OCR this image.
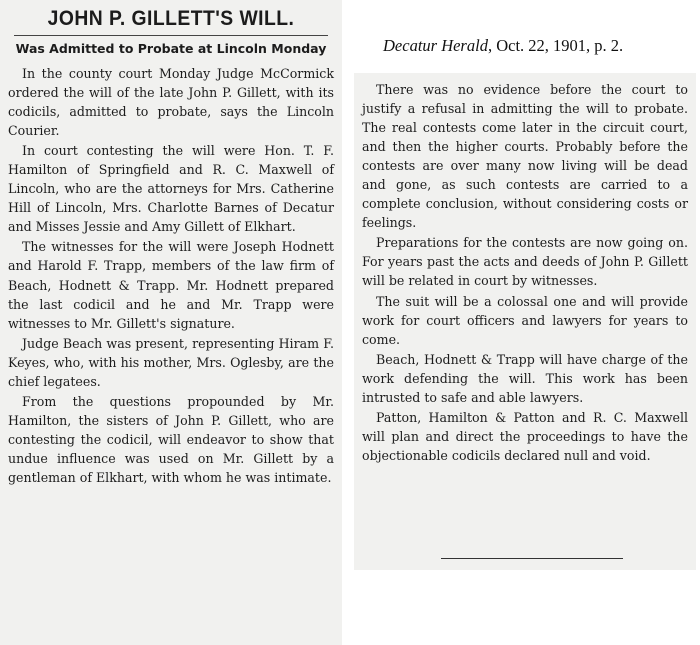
JOHN P. GILLETT'S WILL.
Was Admitted to Probate at Lincoln Monday

In the county court Monday Judge McCormick ordered the will of the late John P. Gillett, with its codicils, admitted to probate, says the Lincoln Courier.

In court contesting the will were Hon. T. F. Hamilton of Springfield and R. C. Maxwell of Lincoln, who are the attorneys for Mrs. Catherine Hill of Lincoln, Mrs. Charlotte Barnes of Decatur and Misses Jessie and Amy Gillett of Elkhart.

The witnesses for the will were Joseph Hodnett and Harold F. Trapp, members of the law firm of Beach, Hodnett & Trapp. Mr. Hodnett prepared the last codicil and he and Mr. Trapp were witnesses to Mr. Gillett's signature.

Judge Beach was present, representing Hiram F. Keyes, who, with his mother, Mrs. Oglesby, are the chief legatees.

From the questions propounded by Mr. Hamilton, the sisters of John P. Gillett, who are contesting the codicil, will endeavor to show that undue influence was used on Mr. Gillett by a gentleman of Elkhart, with whom he was intimate.

Decatur Herald, Oct. 22, 1901, p. 2.

There was no evidence before the court to justify a refusal in admitting the will to probate. The real contests come later in the circuit court, and then the higher courts. Probably before the contests are over many now living will be dead and gone, as such contests are carried to a complete conclusion, without considering costs or feelings.

Preparations for the contests are now going on. For years past the acts and deeds of John P. Gillett will be related in court by witnesses.

The suit will be a colossal one and will provide work for court officers and lawyers for years to come.

Beach, Hodnett & Trapp will have charge of the work defending the will. This work has been intrusted to safe and able lawyers.

Patton, Hamilton & Patton and R. C. Maxwell will plan and direct the proceedings to have the objectionable codicils declared null and void.
